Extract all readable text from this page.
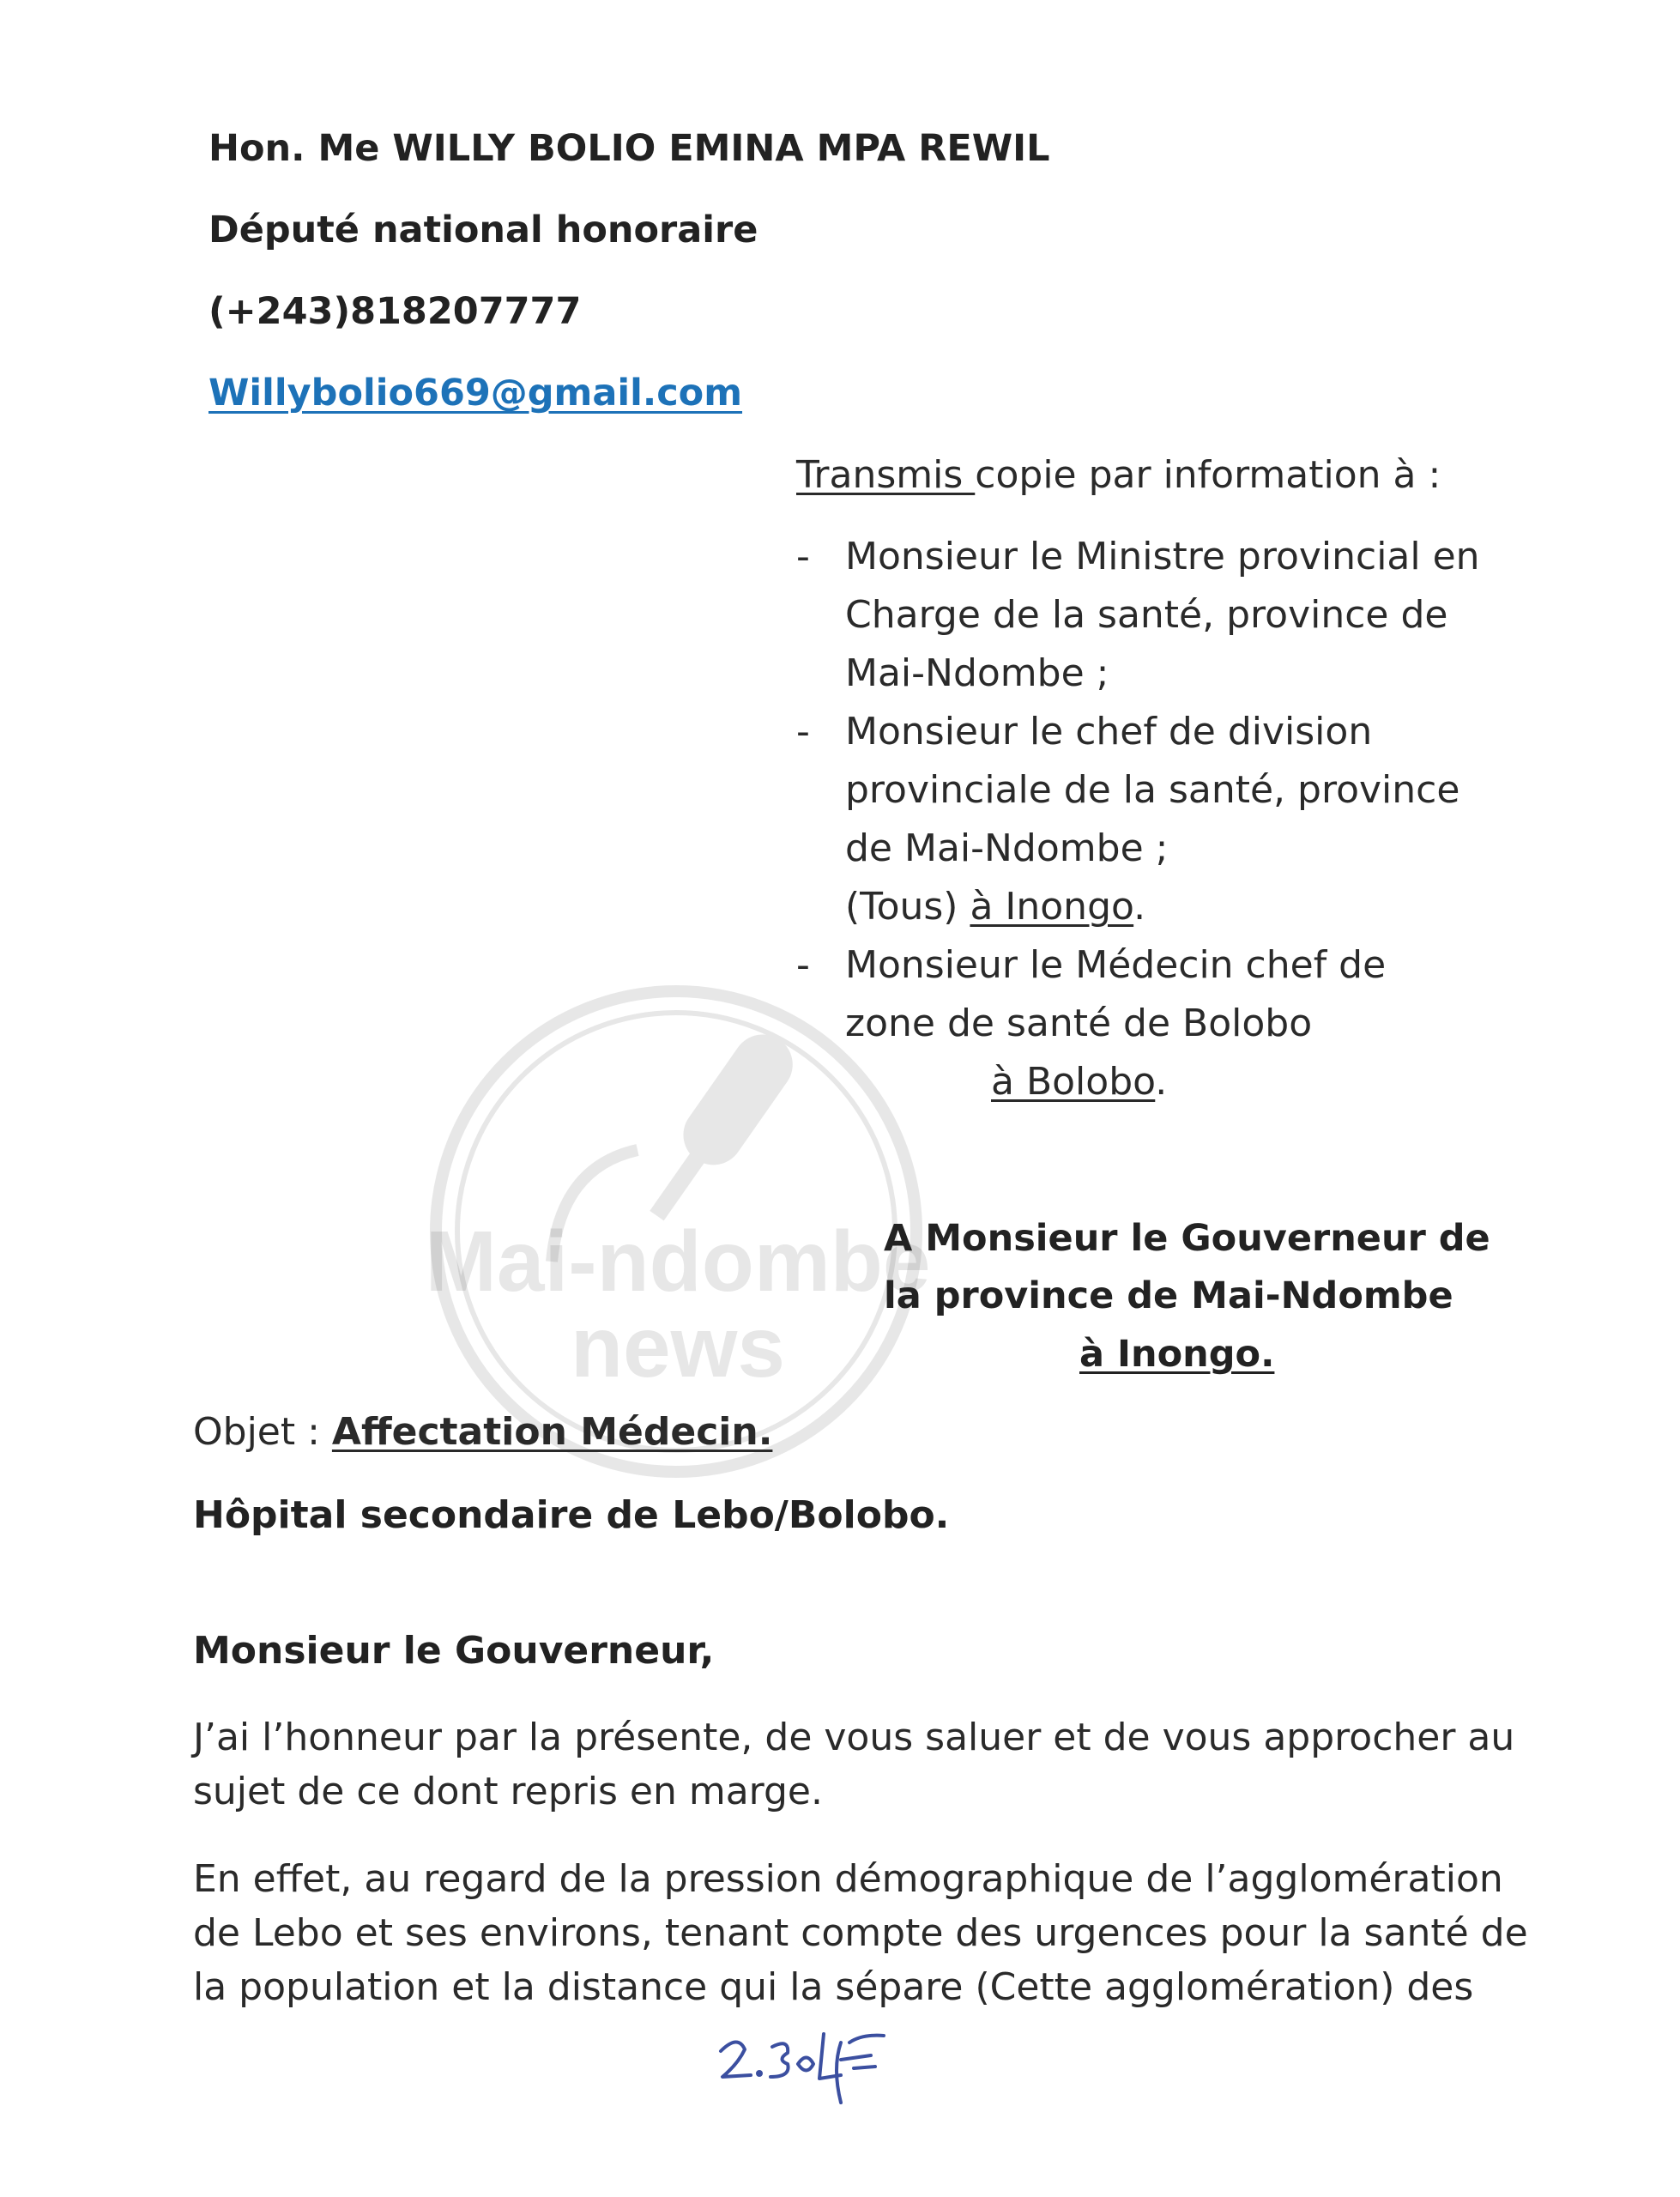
Mai-ndombe
news
Hon. Me WILLY BOLIO EMINA MPA REWIL
Député national honoraire
(+243)818207777
Willybolio669@gmail.com
Transmis copie par information à :
- Monsieur le Ministre provincial en
Charge de la santé, province de
Mai-Ndombe ;
- Monsieur le chef de division
provinciale de la santé, province
de Mai-Ndombe ;
(Tous) à Inongo.
- Monsieur le Médecin chef de
zone de santé de Bolobo
à Bolobo.
A Monsieur le Gouverneur de
la province de Mai-Ndombe
à Inongo.
Objet : Affectation Médecin.
Hôpital secondaire de Lebo/Bolobo.
Monsieur le Gouverneur,
J’ai l’honneur par la présente, de vous saluer et de vous approcher au
sujet de ce dont repris en marge.
En effet, au regard de la pression démographique de l’agglomération
de Lebo et ses environs, tenant compte des urgences pour la santé de
la population et la distance qui la sépare (Cette agglomération) des
